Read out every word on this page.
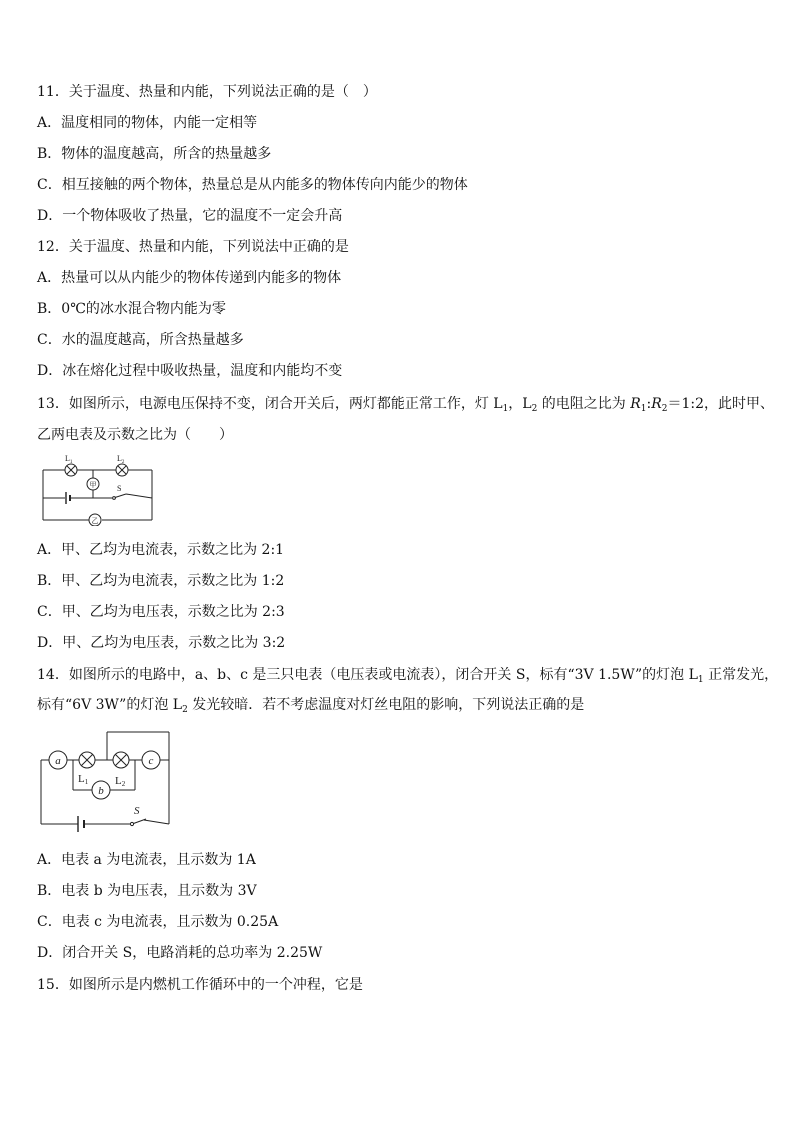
11．关于温度、热量和内能，下列说法正确的是（　）
A．温度相同的物体，内能一定相等
B．物体的温度越高，所含的热量越多
C．相互接触的两个物体，热量总是从内能多的物体传向内能少的物体
D．一个物体吸收了热量，它的温度不一定会升高
12．关于温度、热量和内能，下列说法中正确的是
A．热量可以从内能少的物体传递到内能多的物体
B．0℃的冰水混合物内能为零
C．水的温度越高，所含热量越多
D．冰在熔化过程中吸收热量，温度和内能均不变
13．如图所示，电源电压保持不变，闭合开关后，两灯都能正常工作，灯 $L_1$，$L_2$ 的电阻之比为 $R_1:R_2=1:2$，此时甲、
乙两电表及示数之比为（　　）
甲
乙
$L_1$	$L_2$
S
A．甲、乙均为电流表，示数之比为 2:1
B．甲、乙均为电流表，示数之比为 1:2
C．甲、乙均为电压表，示数之比为 2:3
D．甲、乙均为电压表，示数之比为 3:2
14．如图所示的电路中，a、b、c 是三只电表（电压表或电流表），闭合开关 S，标有“3V 1.5W”的灯泡 $L_1$ 正常发光，
标有“6V 3W”的灯泡 $L_2$ 发光较暗．若不考虑温度对灯丝电阻的影响，下列说法正确的是
a	c
b
L1 L2
S
A．电表 a 为电流表，且示数为 1A
B．电表 b 为电压表，且示数为 3V
C．电表 c 为电流表，且示数为 0.25A
D．闭合开关 S，电路消耗的总功率为 2.25W
15．如图所示是内燃机工作循环中的一个冲程，它是
